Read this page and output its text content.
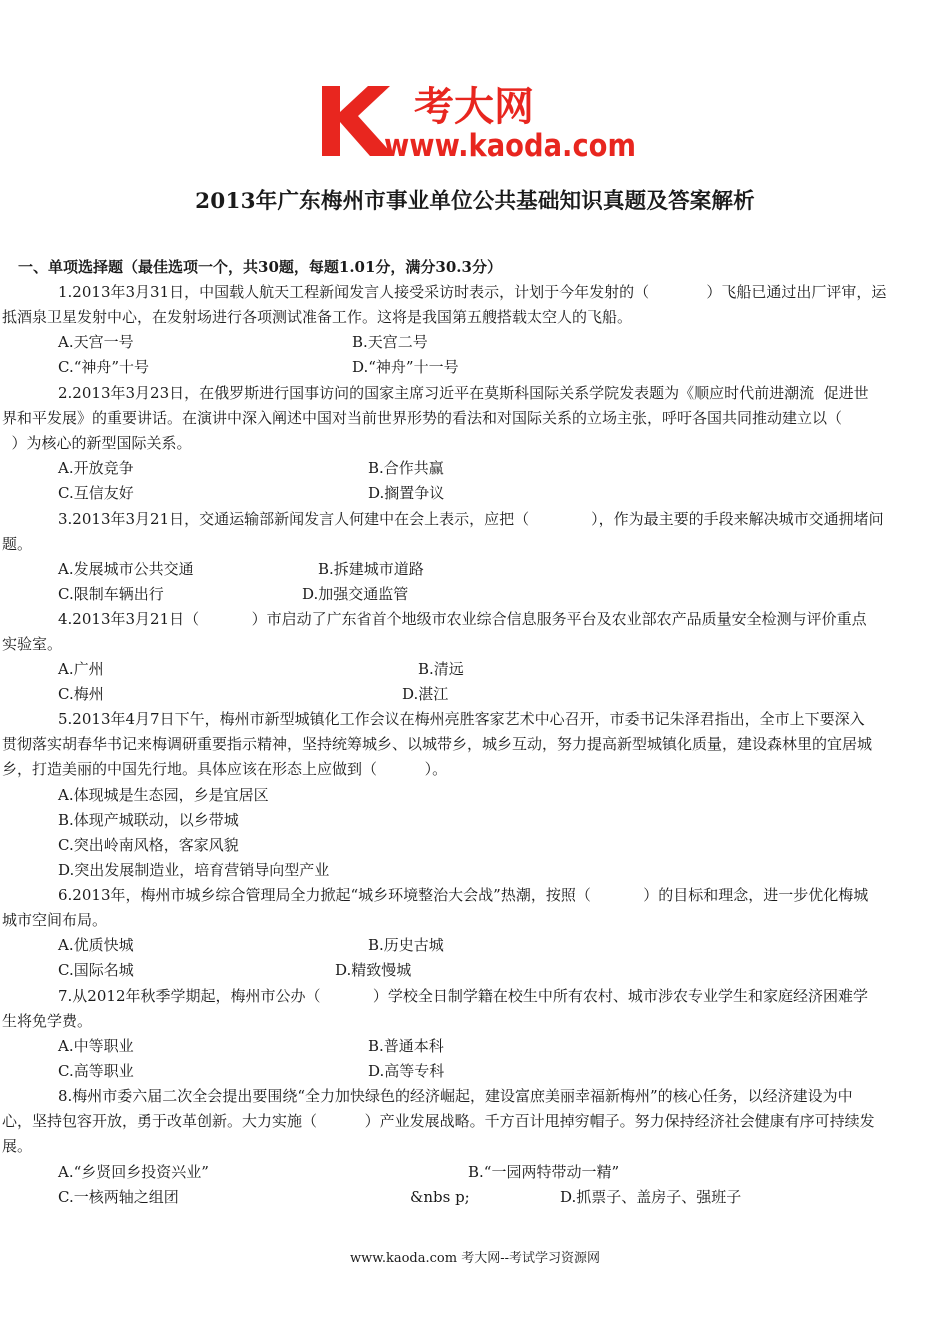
考大网
www.kaoda.com
2013年广东梅州市事业单位公共基础知识真题及答案解析
一、单项选择题（最佳选项一个，共30题，每题1.01分，满分30.3分）
1.2013年3月31日，中国载人航天工程新闻发言人接受采访时表示，计划于今年发射的（            ）飞船已通过出厂评审，运
抵酒泉卫星发射中心，在发射场进行各项测试准备工作。这将是我国第五艘搭载太空人的飞船。
A.天宫一号	B.天宫二号
C.“神舟”十号	D.“神舟”十一号
2.2013年3月23日，在俄罗斯进行国事访问的国家主席习近平在莫斯科国际关系学院发表题为《顺应时代前进潮流  促进世
界和平发展》的重要讲话。在演讲中深入阐述中国对当前世界形势的看法和对国际关系的立场主张，呼吁各国共同推动建立以（
）为核心的新型国际关系。
A.开放竞争	B.合作共赢
C.互信友好	D.搁置争议
3.2013年3月21日，交通运输部新闻发言人何建中在会上表示，应把（             ），作为最主要的手段来解决城市交通拥堵问
题。
A.发展城市公共交通	B.拆建城市道路
C.限制车辆出行	D.加强交通监管
4.2013年3月21日（           ）市启动了广东省首个地级市农业综合信息服务平台及农业部农产品质量安全检测与评价重点
实验室。
A.广州	B.清远
C.梅州	D.湛江
5.2013年4月7日下午，梅州市新型城镇化工作会议在梅州亮胜客家艺术中心召开，市委书记朱泽君指出，全市上下要深入
贯彻落实胡春华书记来梅调研重要指示精神，坚持统筹城乡、以城带乡，城乡互动，努力提高新型城镇化质量，建设森林里的宜居城
乡，打造美丽的中国先行地。具体应该在形态上应做到（          ）。
A.体现城是生态园，乡是宜居区
B.体现产城联动，以乡带城
C.突出岭南风格，客家风貌
D.突出发展制造业，培育营销导向型产业
6.2013年，梅州市城乡综合管理局全力掀起“城乡环境整治大会战”热潮，按照（           ）的目标和理念，进一步优化梅城
城市空间布局。
A.优质快城	B.历史古城
C.国际名城	D.精致慢城
7.从2012年秋季学期起，梅州市公办（           ）学校全日制学籍在校生中所有农村、城市涉农专业学生和家庭经济困难学
生将免学费。
A.中等职业	B.普通本科
C.高等职业	D.高等专科
8.梅州市委六届二次全会提出要围绕“全力加快绿色的经济崛起，建设富庶美丽幸福新梅州”的核心任务，以经济建设为中
心，坚持包容开放，勇于改革创新。大力实施（          ）产业发展战略。千方百计甩掉穷帽子。努力保持经济社会健康有序可持续发
展。
A.“乡贤回乡投资兴业”	B.“一园两特带动一精”
C.一核两轴之组团	&nbs p;	D.抓票子、盖房子、强班子
www.kaoda.com 考大网--考试学习资源网
